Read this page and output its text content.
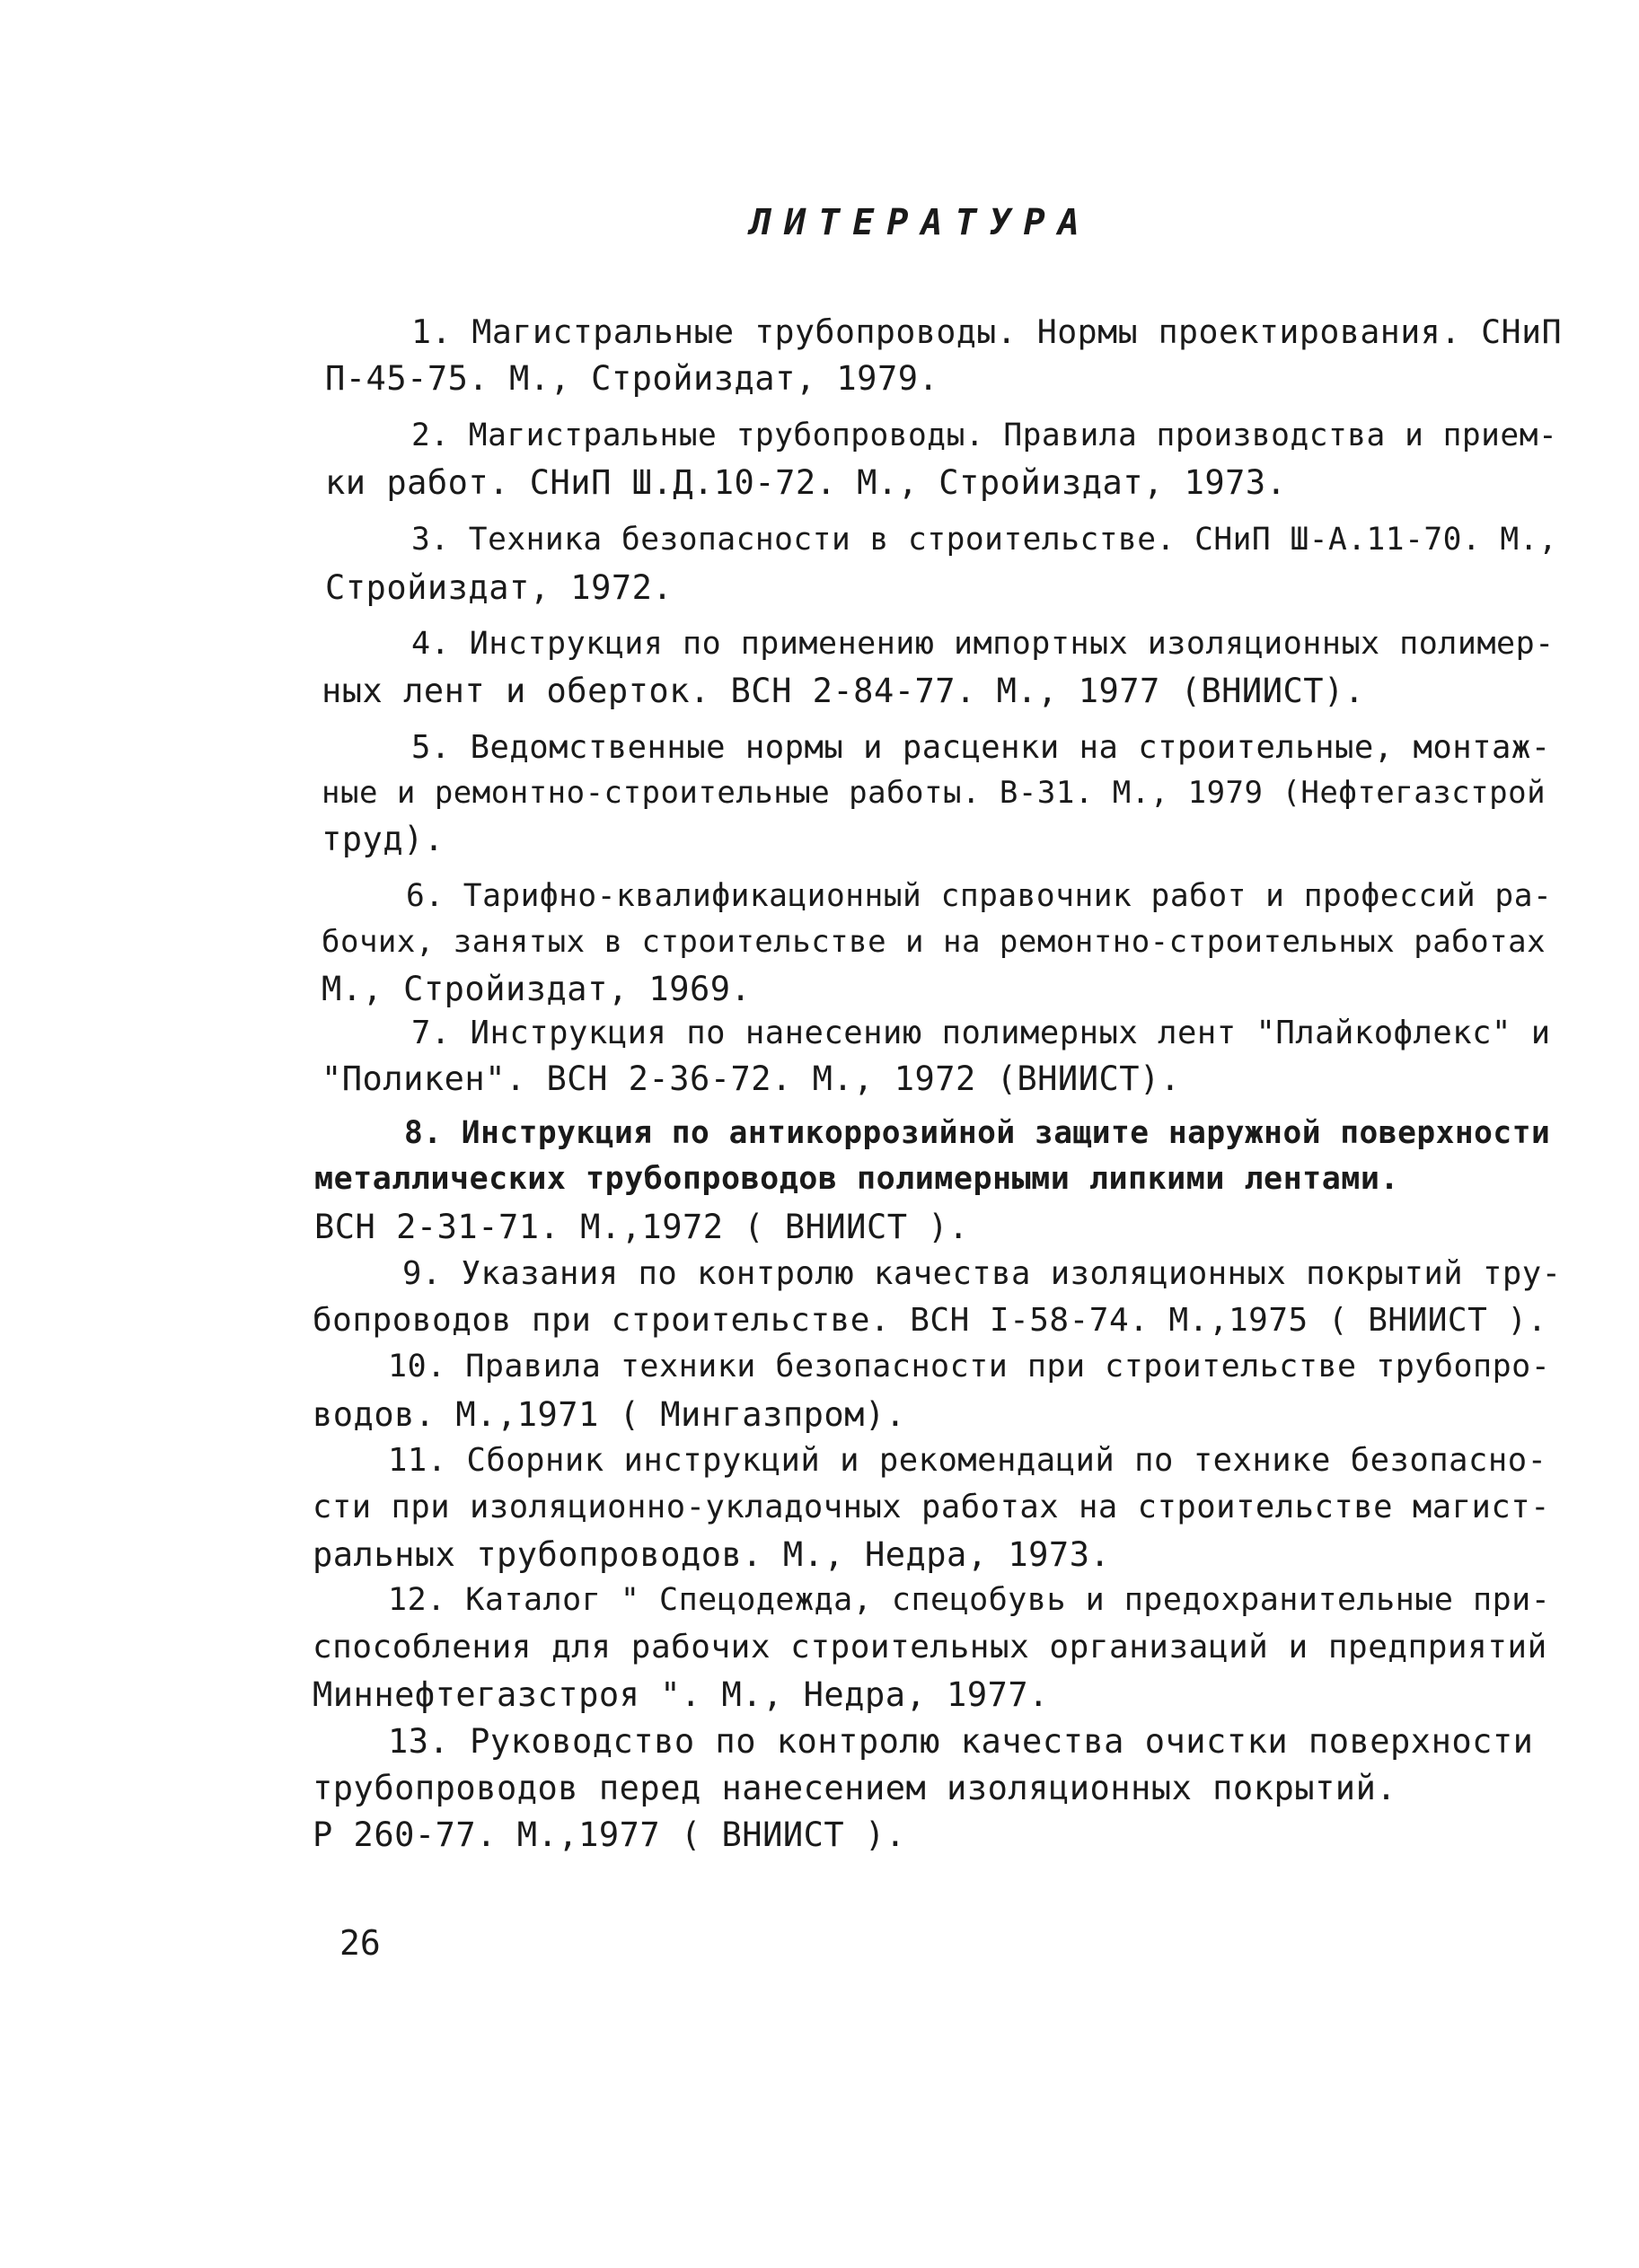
ЛИТЕРАТУРА
1. Магистральные трубопроводы. Нормы проектирования. СНиП
П-45-75. М., Стройиздат, 1979.
2. Магистральные трубопроводы. Правила производства и прием-
ки работ. СНиП Ш.Д.10-72. М., Стройиздат, 1973.
3. Техника безопасности в строительстве. СНиП Ш-А.11-70. М.,
Стройиздат, 1972.
4. Инструкция по применению импортных изоляционных полимер-
ных лент и оберток. ВСН 2-84-77. М., 1977 (ВНИИСТ).
5. Ведомственные нормы и расценки на строительные, монтаж-
ные и ремонтно-строительные работы. В-31. М., 1979 (Нефтегазстрой
труд).
6. Тарифно-квалификационный справочник работ и профессий ра-
бочих, занятых в строительстве и на ремонтно-строительных работах
М., Стройиздат, 1969.
7. Инструкция по нанесению полимерных лент "Плайкофлекс" и
"Поликен". ВСН 2-36-72. М., 1972 (ВНИИСТ).
8. Инструкция по антикоррозийной защите наружной поверхности
металлических трубопроводов полимерными липкими лентами.
ВСН 2-31-71. М.,1972 ( ВНИИСТ ).
9. Указания по контролю качества изоляционных покрытий тру-
бопроводов при строительстве. ВСН I-58-74. М.,1975 ( ВНИИСТ ).
10. Правила техники безопасности при строительстве трубопро-
водов. М.,1971 ( Мингазпром).
11. Сборник инструкций и рекомендаций по технике безопасно-
сти при изоляционно-укладочных работах на строительстве магист-
ральных трубопроводов. М., Недра, 1973.
12. Каталог " Спецодежда, спецобувь и предохранительные при-
способления для рабочих строительных организаций и предприятий
Миннефтегазстроя ". М., Недра, 1977.
13. Руководство по контролю качества очистки поверхности
трубопроводов перед нанесением изоляционных покрытий.
Р 260-77. М.,1977 ( ВНИИСТ ).
26
